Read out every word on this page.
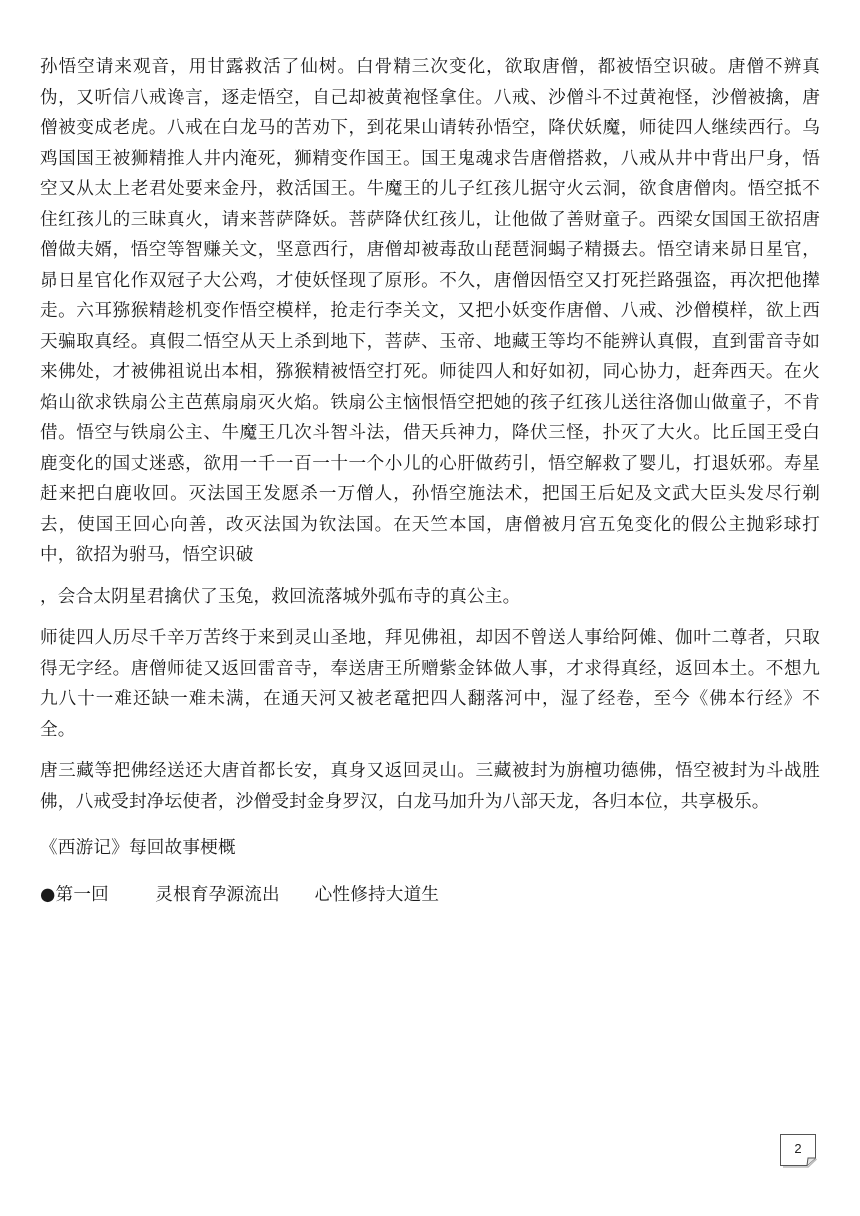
孙悟空请来观音，用甘露救活了仙树。白骨精三次变化，欲取唐僧，都被悟空识破。唐僧不辨真伪，又听信八戒谗言，逐走悟空，自己却被黄袍怪拿住。八戒、沙僧斗不过黄袍怪，沙僧被擒，唐僧被变成老虎。八戒在白龙马的苦劝下，到花果山请转孙悟空，降伏妖魔，师徒四人继续西行。乌鸡国国王被狮精推人井内淹死，狮精变作国王。国王鬼魂求告唐僧搭救，八戒从井中背出尸身，悟空又从太上老君处要来金丹，救活国王。牛魔王的儿子红孩儿据守火云洞，欲食唐僧肉。悟空抵不住红孩儿的三昧真火，请来菩萨降妖。菩萨降伏红孩儿，让他做了善财童子。西梁女国国王欲招唐僧做夫婿，悟空等智赚关文，坚意西行，唐僧却被毒敌山琵琶洞蝎子精摄去。悟空请来昴日星官，昴日星官化作双冠子大公鸡，才使妖怪现了原形。不久，唐僧因悟空又打死拦路强盗，再次把他撵走。六耳猕猴精趁机变作悟空模样，抢走行李关文，又把小妖变作唐僧、八戒、沙僧模样，欲上西天骗取真经。真假二悟空从天上杀到地下，菩萨、玉帝、地藏王等均不能辨认真假，直到雷音寺如来佛处，才被佛祖说出本相，猕猴精被悟空打死。师徒四人和好如初，同心协力，赶奔西天。在火焰山欲求铁扇公主芭蕉扇扇灭火焰。铁扇公主恼恨悟空把她的孩子红孩儿送往洛伽山做童子，不肯借。悟空与铁扇公主、牛魔王几次斗智斗法，借天兵神力，降伏三怪，扑灭了大火。比丘国王受白鹿变化的国丈迷惑，欲用一千一百一十一个小儿的心肝做药引，悟空解救了婴儿，打退妖邪。寿星赶来把白鹿收回。灭法国王发愿杀一万僧人，孙悟空施法术，把国王后妃及文武大臣头发尽行剃去，使国王回心向善，改灭法国为钦法国。在天竺本国，唐僧被月宫五兔变化的假公主抛彩球打中，欲招为驸马，悟空识破

，会合太阴星君擒伏了玉兔，救回流落城外弧布寺的真公主。

师徒四人历尽千辛万苦终于来到灵山圣地，拜见佛祖，却因不曾送人事给阿傩、伽叶二尊者，只取得无字经。唐僧师徒又返回雷音寺，奉送唐王所赠紫金钵做人事，才求得真经，返回本土。不想九九八十一难还缺一难未满，在通天河又被老鼋把四人翻落河中，湿了经卷，至今《佛本行经》不全。

唐三藏等把佛经送还大唐首都长安，真身又返回灵山。三藏被封为旃檀功德佛，悟空被封为斗战胜佛，八戒受封净坛使者，沙僧受封金身罗汉，白龙马加升为八部天龙，各归本位，共享极乐。

《西游记》每回故事梗概

●第一回	灵根育孕源流出 心性修持大道生

2
